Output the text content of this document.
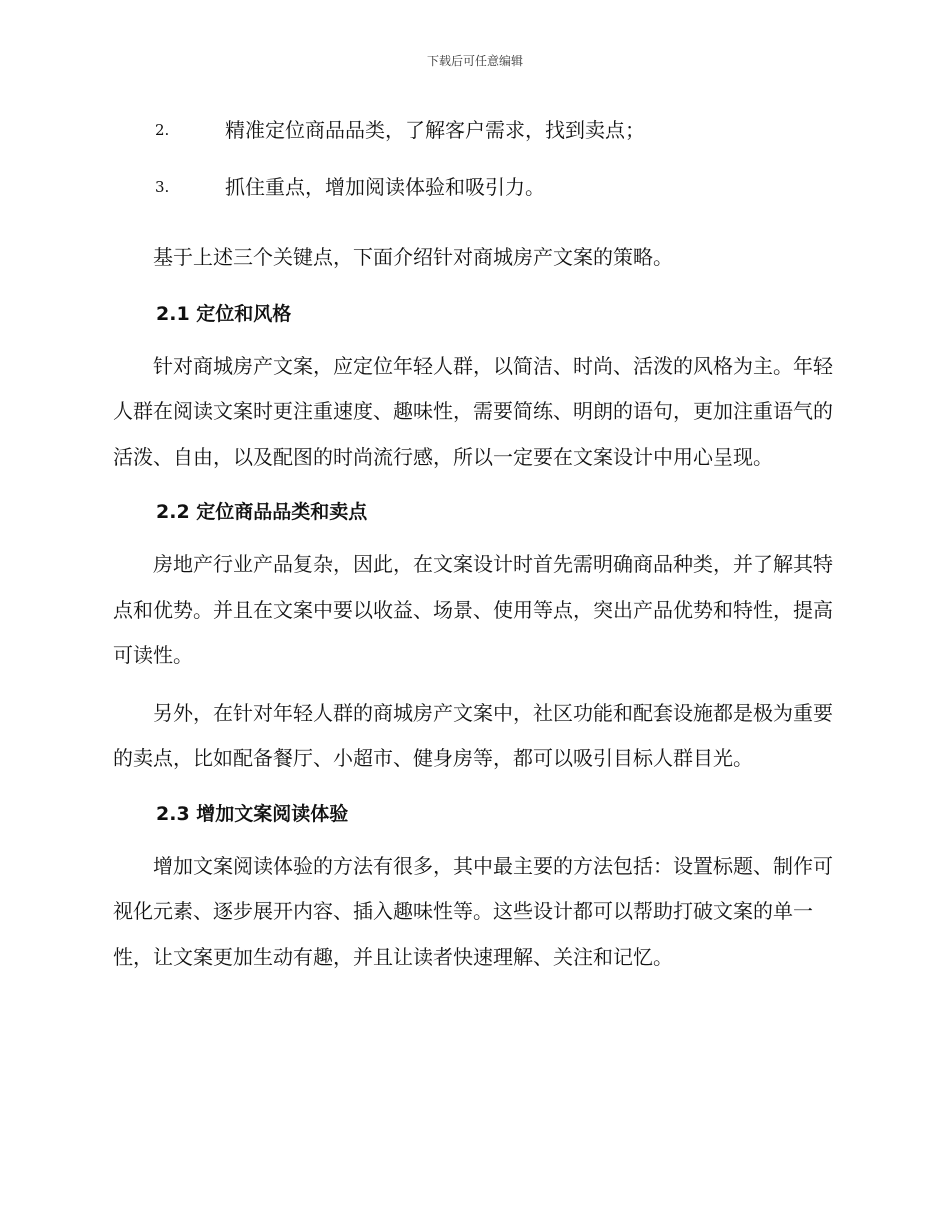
下载后可任意编辑
2.	精准定位商品品类，了解客户需求，找到卖点；
3.	抓住重点，增加阅读体验和吸引力。

基于上述三个关键点，下面介绍针对商城房产文案的策略。

2.1 定位和风格

针对商城房产文案，应定位年轻人群，以简洁、时尚、活泼的风格为主。年轻人群在阅读文案时更注重速度、趣味性，需要简练、明朗的语句，更加注重语气的活泼、自由，以及配图的时尚流行感，所以一定要在文案设计中用心呈现。

2.2 定位商品品类和卖点

房地产行业产品复杂，因此，在文案设计时首先需明确商品种类，并了解其特点和优势。并且在文案中要以收益、场景、使用等点，突出产品优势和特性，提高可读性。

另外，在针对年轻人群的商城房产文案中，社区功能和配套设施都是极为重要的卖点，比如配备餐厅、小超市、健身房等，都可以吸引目标人群目光。

2.3 增加文案阅读体验

增加文案阅读体验的方法有很多，其中最主要的方法包括：设置标题、制作可视化元素、逐步展开内容、插入趣味性等。这些设计都可以帮助打破文案的单一性，让文案更加生动有趣，并且让读者快速理解、关注和记忆。
